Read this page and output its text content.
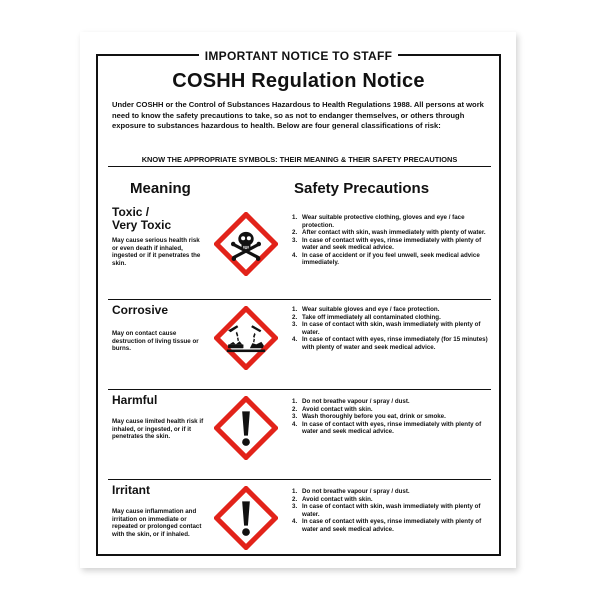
IMPORTANT NOTICE TO STAFF
COSHH Regulation Notice
Under COSHH or the Control of Substances Hazardous to Health Regulations 1988. All persons at work need to know the safety precautions to take, so as not to endanger themselves, or others through exposure to substances hazardous to health. Below are four general classifications of risk:
KNOW THE APPROPRIATE SYMBOLS: THEIR MEANING & THEIR SAFETY PRECAUTIONS
Meaning	Safety Precautions
Toxic /
Very Toxic
May cause serious health risk or even death if inhaled, ingested or if it penetrates the skin.
1. Wear suitable protective clothing, gloves and eye / face protection.
2. After contact with skin, wash immediately with plenty of water.
3. In case of contact with eyes, rinse immediately with plenty of water and seek medical advice.
4. In case of accident or if you feel unwell, seek medical advice immediately.
Corrosive
May on contact cause destruction of living tissue or burns.
1. Wear suitable gloves and eye / face protection.
2. Take off immediately all contaminated clothing.
3. In case of contact with skin, wash immediately with plenty of water.
4. In case of contact with eyes, rinse immediately (for 15 minutes) with plenty of water and seek medical advice.
Harmful
May cause limited health risk if inhaled, or ingested, or if it penetrates the skin.
1. Do not breathe vapour / spray / dust.
2. Avoid contact with skin.
3. Wash thoroughly before you eat, drink or smoke.
4. In case of contact with eyes, rinse immediately with plenty of water and seek medical advice.
Irritant
May cause inflammation and irritation on immediate or repeated or prolonged contact with the skin, or if inhaled.
1. Do not breathe vapour / spray / dust.
2. Avoid contact with skin.
3. In case of contact with skin, wash immediately with plenty of water.
4. In case of contact with eyes, rinse immediately with plenty of water and seek medical advice.
